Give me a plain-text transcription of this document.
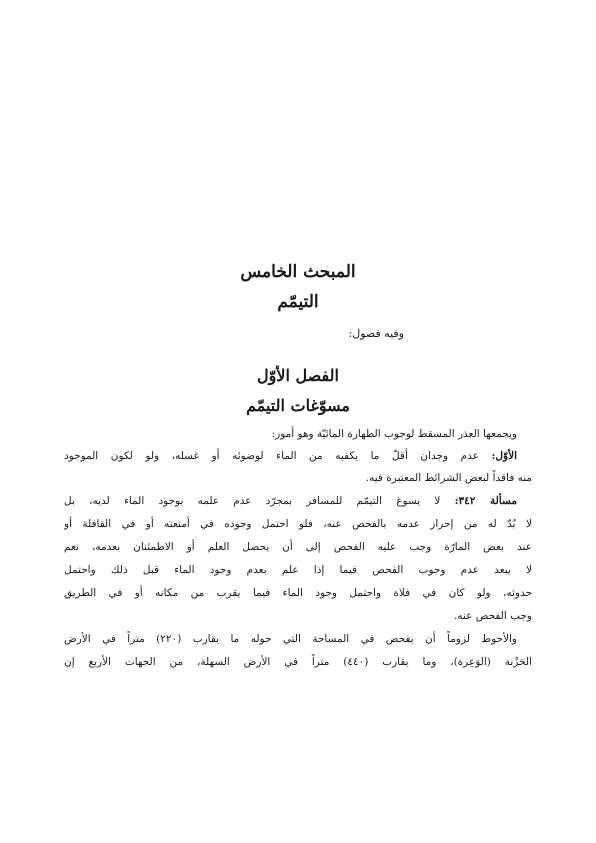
المبحث الخامس
التيمّم
وفيه فصول:
الفصل الأوّل
مسوّغات التيمّم
ويجمعها العذر المسقط لوجوب الطهارة المائيّة وهو أُمور:
الأوّل: عدم وجدان أقلّ ما يكفيه من الماء لوضوئه أو غسله، ولو لكون الموجود
منه فاقداً لبعض الشرائط المعتبرة فيه.
مسألة ٣٤٢: لا يسوغ التيمّم للمسافر بمجرّد عدم علمه بوجود الماء لديه، بل
لا بُدّ له من إحراز عدمه بالفحص عنه، فلو احتمل وجوده في أمتعته أو في القافلة أو
عند بعض المارّة وجب عليه الفحص إلى أن يحصل العلم أو الاطمئنان بعدمه، نعم
لا يبعد عدم وجوب الفحص فيما إذا علم بعدم وجود الماء قبل ذلك واحتمل
حدوثه، ولو كان في فلاة واحتمل وجود الماء فيما يقرب من مكانه أو في الطريق
وجب الفحص عنه.
والأحوط لزوماً أن يفحص في المساحة التي حوله ما يقارب (٢٢٠) متراً في الأرض
الحَزْنة (الوَعِرة)، وما يقارب (٤٤٠) متراً في الأرض السهلة، من الجهات الأربع إن
